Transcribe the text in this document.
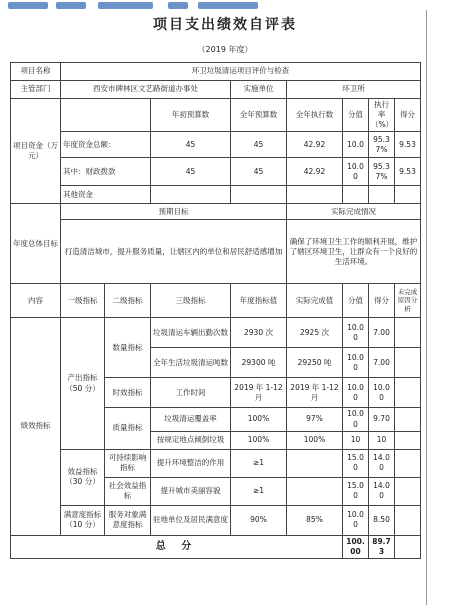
项目支出绩效自评表
（2019 年度）
项目名称	环卫垃圾清运项目评价与检查							
主管部门	西安市碑林区文艺路街道办事处			实施单位	环卫所			
项目资金（万元）			年初预算数	全年预算数	全年执行数	分值	执行率（%）	得分
	年度资金总额：		45	45	42.92	10.0	95.37%	9.53
	其中：财政拨款		45	45	42.92	10.00	95.37%	9.53
	其他资金							
年度总体目标	预期目标				实际完成情况			
	打造清洁城市，提升服务质量，让辖区内的单位和居民舒适感增加				确保了环境卫生工作的顺利开展，维护了辖区环境卫生，让群众有一个良好的生活环境。			
内容	一级指标	二级指标	三级指标	年度指标值	实际完成值	分值	得分	未完成原因分析
绩效指标	产出指标（50 分）	数量指标	垃圾清运车辆出勤次数	2930 次	2925 次	10.00	7.00	
			全年生活垃圾清运吨数	29300 吨	29250 吨	10.00	7.00	
		时效指标	工作时间	2019 年 1-12 月	2019 年 1-12 月	10.00	10.00	
		质量指标	垃圾清运覆盖率	100%	97%	10.00	9.70	
			按规定地点倾倒垃圾	100%	100%	10	10	
	效益指标（30 分）	可持续影响指标	提升环境整洁的作用	≥1		15.00	14.00	
		社会效益指标	提升城市美丽容貌	≥1		15.00	14.00	
	满意度指标（10 分）	服务对象满意度指标	驻地单位及居民满意度	90%	85%	10.00	8.50	
总 分						100.00	89.73	
